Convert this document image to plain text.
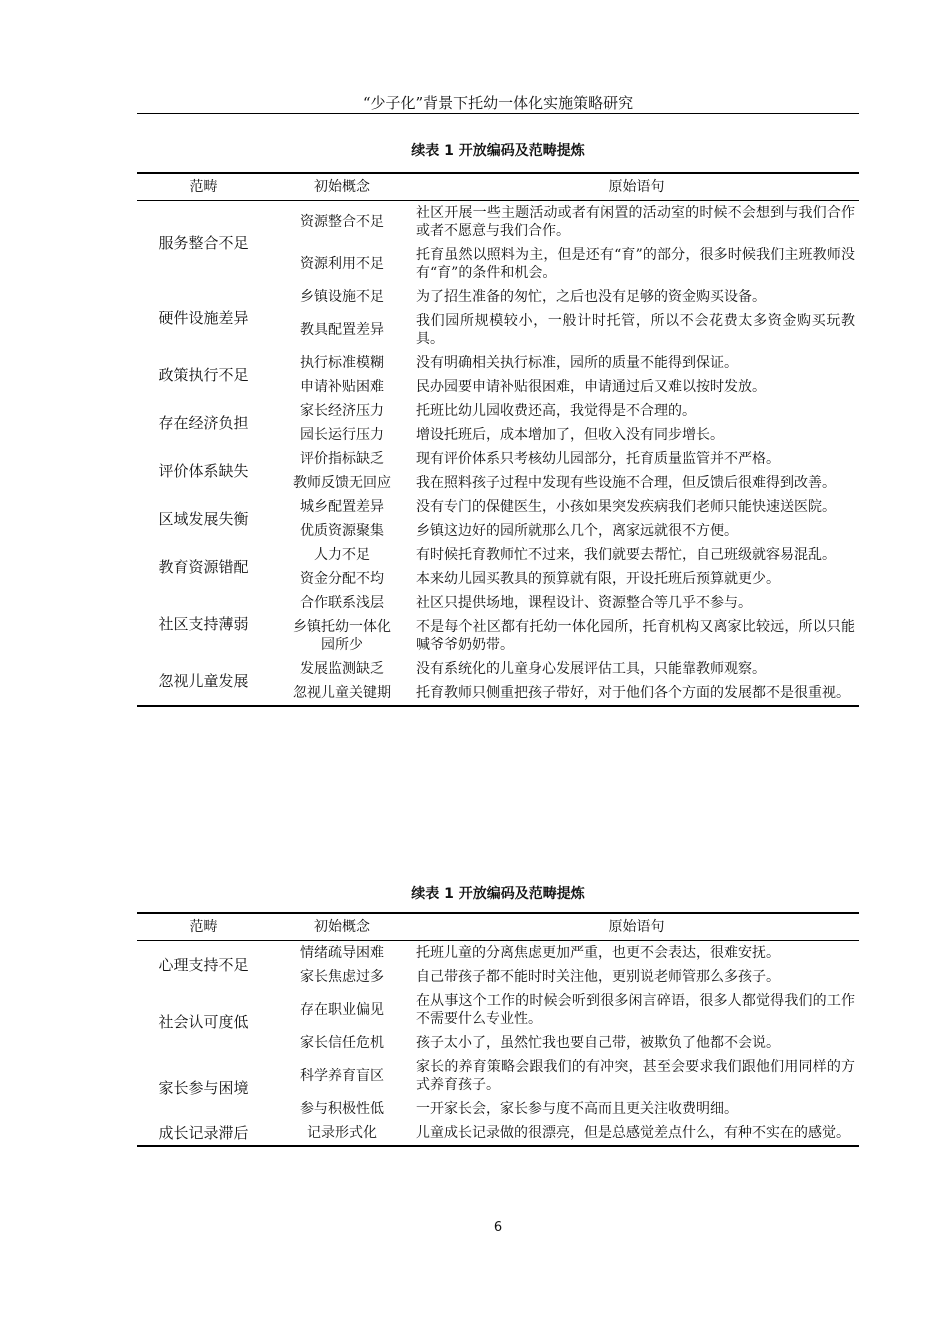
“少子化”背景下托幼一体化实施策略研究
续表 1 开放编码及范畴提炼
范畴	初始概念	原始语句
服务整合不足	资源整合不足	社区开展一些主题活动或者有闲置的活动室的时候不会想到与我们合作或者不愿意与我们合作。
	资源利用不足	托育虽然以照料为主，但是还有“育”的部分，很多时候我们主班教师没有“育”的条件和机会。
硬件设施差异	乡镇设施不足	为了招生准备的匆忙，之后也没有足够的资金购买设备。
	教具配置差异	我们园所规模较小，一般计时托管，所以不会花费太多资金购买玩教具。
政策执行不足	执行标准模糊	没有明确相关执行标准，园所的质量不能得到保证。
	申请补贴困难	民办园要申请补贴很困难，申请通过后又难以按时发放。
存在经济负担	家长经济压力	托班比幼儿园收费还高，我觉得是不合理的。
	园长运行压力	增设托班后，成本增加了，但收入没有同步增长。
评价体系缺失	评价指标缺乏	现有评价体系只考核幼儿园部分，托育质量监管并不严格。
	教师反馈无回应	我在照料孩子过程中发现有些设施不合理，但反馈后很难得到改善。
区域发展失衡	城乡配置差异	没有专门的保健医生，小孩如果突发疾病我们老师只能快速送医院。
	优质资源聚集	乡镇这边好的园所就那么几个，离家远就很不方便。
教育资源错配	人力不足	有时候托育教师忙不过来，我们就要去帮忙，自己班级就容易混乱。
	资金分配不均	本来幼儿园买教具的预算就有限，开设托班后预算就更少。
社区支持薄弱	合作联系浅层	社区只提供场地，课程设计、资源整合等几乎不参与。
	乡镇托幼一体化园所少	不是每个社区都有托幼一体化园所，托育机构又离家比较远，所以只能喊爷爷奶奶带。
忽视儿童发展	发展监测缺乏	没有系统化的儿童身心发展评估工具，只能靠教师观察。
	忽视儿童关键期	托育教师只侧重把孩子带好，对于他们各个方面的发展都不是很重视。
续表 1 开放编码及范畴提炼
范畴	初始概念	原始语句
心理支持不足	情绪疏导困难	托班儿童的分离焦虑更加严重，也更不会表达，很难安抚。
	家长焦虑过多	自己带孩子都不能时时关注他，更别说老师管那么多孩子。
社会认可度低	存在职业偏见	在从事这个工作的时候会听到很多闲言碎语，很多人都觉得我们的工作不需要什么专业性。
	家长信任危机	孩子太小了，虽然忙我也要自己带，被欺负了他都不会说。
家长参与困境	科学养育盲区	家长的养育策略会跟我们的有冲突，甚至会要求我们跟他们用同样的方式养育孩子。
	参与积极性低	一开家长会，家长参与度不高而且更关注收费明细。
成长记录滞后	记录形式化	儿童成长记录做的很漂亮，但是总感觉差点什么，有种不实在的感觉。
6
